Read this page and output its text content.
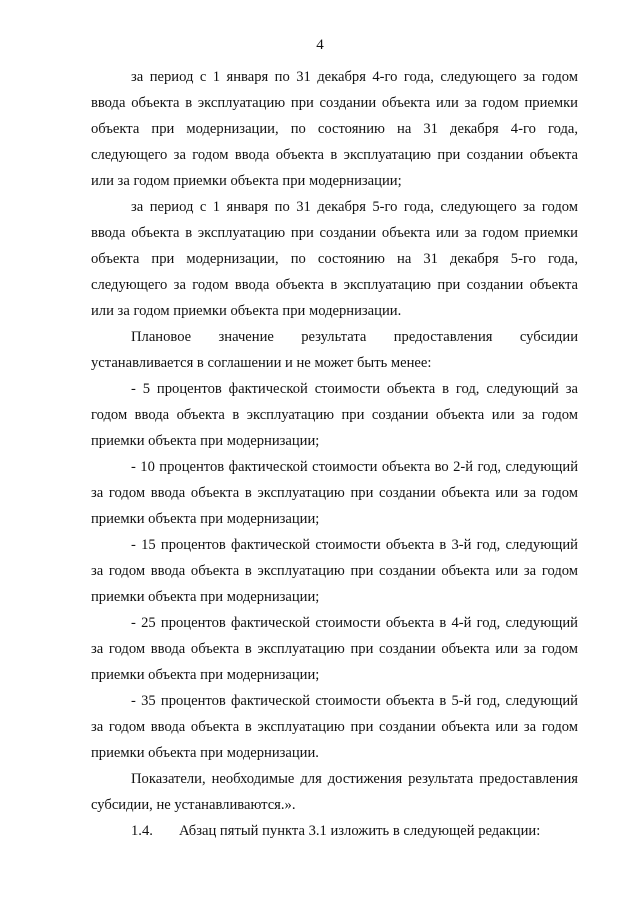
4

за период с 1 января по 31 декабря 4-го года, следующего за годом ввода объекта в эксплуатацию при создании объекта или за годом приемки объекта при модернизации, по состоянию на 31 декабря 4-го года, следующего за годом ввода объекта в эксплуатацию при создании объекта или за годом приемки объекта при модернизации;

за период с 1 января по 31 декабря 5-го года, следующего за годом ввода объекта в эксплуатацию при создании объекта или за годом приемки объекта при модернизации, по состоянию на 31 декабря 5-го года, следующего за годом ввода объекта в эксплуатацию при создании объекта или за годом приемки объекта при модернизации.

Плановое значение результата предоставления субсидии устанавливается в соглашении и не может быть менее:

- 5 процентов фактической стоимости объекта в год, следующий за годом ввода объекта в эксплуатацию при создании объекта или за годом приемки объекта при модернизации;

- 10 процентов фактической стоимости объекта во 2-й год, следующий за годом ввода объекта в эксплуатацию при создании объекта или за годом приемки объекта при модернизации;

- 15 процентов фактической стоимости объекта в 3-й год, следующий за годом ввода объекта в эксплуатацию при создании объекта или за годом приемки объекта при модернизации;

- 25 процентов фактической стоимости объекта в 4-й год, следующий за годом ввода объекта в эксплуатацию при создании объекта или за годом приемки объекта при модернизации;

- 35 процентов фактической стоимости объекта в 5-й год, следующий за годом ввода объекта в эксплуатацию при создании объекта или за годом приемки объекта при модернизации.

Показатели, необходимые для достижения результата предоставления субсидии, не устанавливаются.».

1.4. Абзац пятый пункта 3.1 изложить в следующей редакции:
